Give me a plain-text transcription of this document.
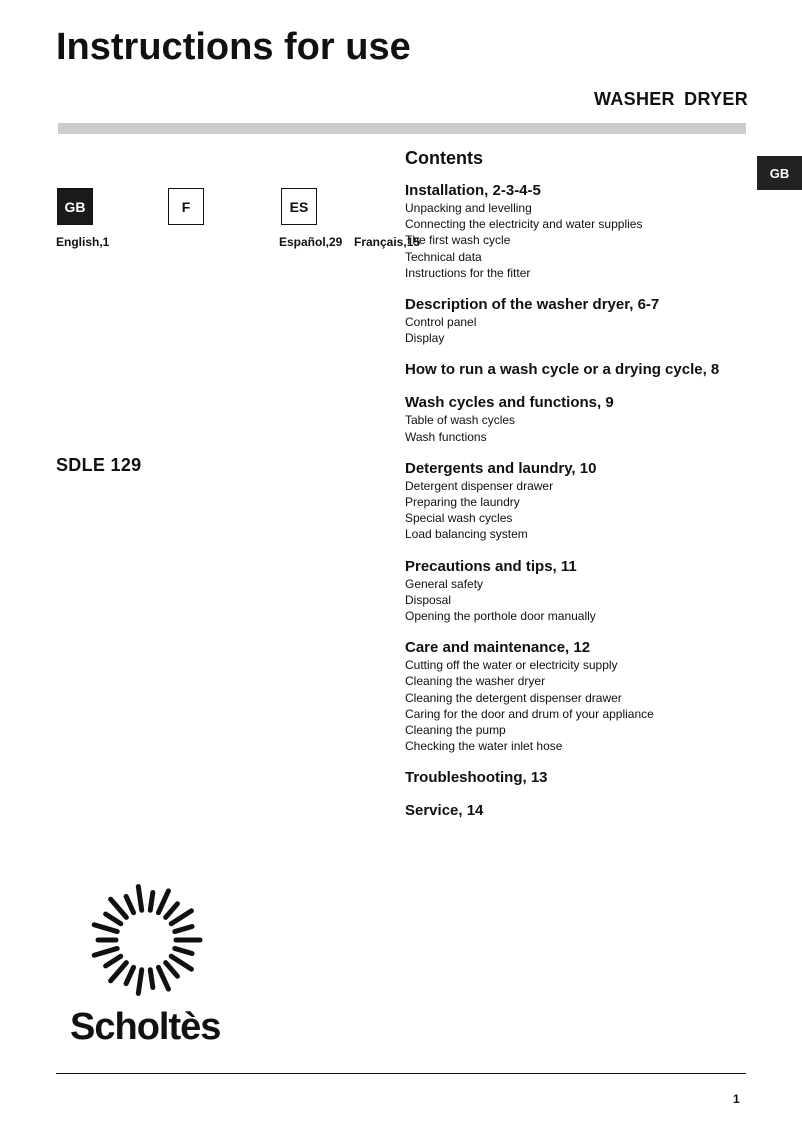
Instructions for use
WASHER DRYER
GB
GB	F	ES
English,1	Français,15
Español,29
SDLE 129
Contents
Installation, 2-3-4-5
Unpacking and levelling
Connecting the electricity and water supplies
The first wash cycle
Technical data
Instructions for the fitter
Description of the washer dryer, 6-7
Control panel
Display
How to run a wash cycle or a drying cycle, 8
Wash cycles and functions, 9
Table of wash cycles
Wash functions
Detergents and laundry, 10
Detergent dispenser drawer
Preparing the laundry
Special wash cycles
Load balancing system
Precautions and tips, 11
General safety
Disposal
Opening the porthole door manually
Care and maintenance, 12
Cutting off the water or electricity supply
Cleaning the washer dryer
Cleaning the detergent dispenser drawer
Caring for the door and drum of your appliance
Cleaning the pump
Checking the water inlet hose
Troubleshooting, 13
Service, 14
Scholtès
1
